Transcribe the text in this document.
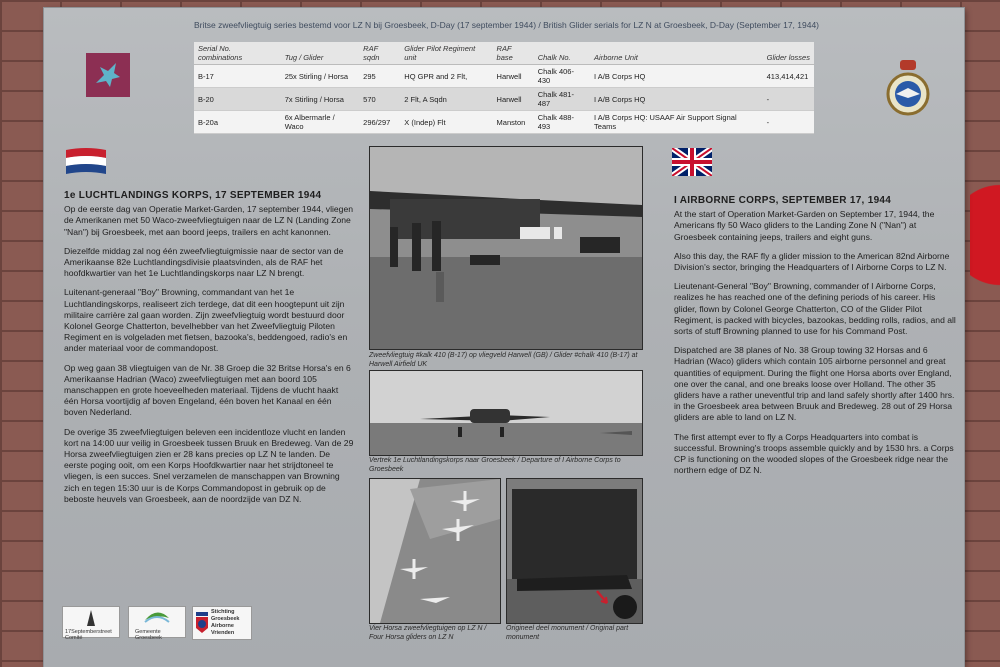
Britse zweefvliegtuig series bestemd voor LZ N bij Groesbeek, D-Day (17 september 1944) / British Glider serials for LZ N at Groesbeek, D-Day (September 17, 1944)
Serial No. combinations	Tug / Glider	RAF sqdn	Glider Pilot Regiment unit	RAF base	Chalk No.	Airborne Unit	Glider losses
B-17	25x Stirling / Horsa	295	HQ GPR and 2 Flt,	Harwell	Chalk 406-430	I A/B Corps HQ	413,414,421
B-20	7x Stirling / Horsa	570	2 Flt, A Sqdn	Harwell	Chalk 481-487	I A/B Corps HQ	-
B-20a	6x Albermarle / Waco	296/297	X (Indep) Flt	Manston	Chalk 488-493	I A/B Corps HQ: USAAF Air Support Signal Teams	-
1e LUCHTLANDINGS KORPS, 17 SEPTEMBER 1944

Op de eerste dag van Operatie Market-Garden, 17 september 1944, vliegen de Amerikanen met 50 Waco-zweefvliegtuigen naar de LZ N (Landing Zone "Nan") bij Groesbeek, met aan boord jeeps, trailers en acht kanonnen.

Diezelfde middag zal nog één zweefvliegtuigmissie naar de sector van de Amerikaanse 82e Luchtlandingsdivisie plaatsvinden, als de RAF het hoofdkwartier van het 1e Luchtlandingskorps naar LZ N brengt.

Luitenant-generaal "Boy" Browning, commandant van het 1e Luchtlandingskorps, realiseert zich terdege, dat dit een hoogtepunt uit zijn militaire carrière zal gaan worden. Zijn zweefvliegtuig wordt bestuurd door Kolonel George Chatterton, bevelhebber van het Zweefvliegtuig Piloten Regiment en is volgeladen met fietsen, bazooka's, beddengoed, radio's en ander materiaal voor de commandopost.

Op weg gaan 38 vliegtuigen van de Nr. 38 Groep die 32 Britse Horsa's en 6 Amerikaanse Hadrian (Waco) zweefvliegtuigen met aan boord 105 manschappen en grote hoeveelheden materiaal. Tijdens de vlucht haakt één Horsa voortijdig af boven Engeland, één boven het Kanaal en één boven Nederland.

De overige 35 zweefvliegtuigen beleven een incidentloze vlucht en landen kort na 14:00 uur veilig in Groesbeek tussen Bruuk en Bredeweg. Van de 29 Horsa zweefvliegtuigen zien er 28 kans precies op LZ N te landen. De eerste poging ooit, om een Korps Hoofdkwartier naar het strijdtoneel te vliegen, is een succes. Snel verzamelen de manschappen van Browning zich en tegen 15:30 uur is de Korps Commandopost in gebruik op de beboste heuvels van Groesbeek, aan de noordzijde van DZ N.

I AIRBORNE CORPS, SEPTEMBER 17, 1944

At the start of Operation Market-Garden on September 17, 1944, the Americans fly 50 Waco gliders to the Landing Zone N ("Nan") at Groesbeek containing jeeps, trailers and eight guns.

Also this day, the RAF fly a glider mission to the American 82nd Airborne Division's sector, bringing the Headquarters of I Airborne Corps to LZ N.

Lieutenant-General "Boy" Browning, commander of I Airborne Corps, realizes he has reached one of the defining periods of his career. His glider, flown by Colonel George Chatterton, CO of the Glider Pilot Regiment, is packed with bicycles, bazookas, bedding rolls, radios, and all sorts of stuff Browning planned to use for his Command Post.

Dispatched are 38 planes of No. 38 Group towing 32 Horsas and 6 Hadrian (Waco) gliders which contain 105 airborne personnel and great quantities of equipment. During the flight one Horsa aborts over England, one over the canal, and one breaks loose over Holland. The other 35 gliders have a rather uneventful trip and land safely shortly after 1400 hrs. in the Groesbeek area between Bruuk and Bredeweg. 28 out of 29 Horsa gliders are able to land on LZ N.

The first attempt ever to fly a Corps Headquarters into combat is successful. Browning's troops assemble quickly and by 1530 hrs. a Corps CP is functioning on the wooded slopes of the Groesbeek ridge near the northern edge of DZ N.

Zweefvliegtuig #kalk 410 (B-17) op vliegveld Harwell (GB) / Glider #chalk 410 (B-17) at Harwell Airfield UK
Vertrek 1e Luchtlandingskorps naar Groesbeek / Departure of I Airborne Corps to Groesbeek
Vier Horsa zweefvliegtuigen op LZ N / Four Horsa gliders on LZ N
Origineel deel monument / Original part monument
17Septemberstreet Comité
Gemeente Groesbeek
Stichting
Groesbeek
Airborne
Vrienden
